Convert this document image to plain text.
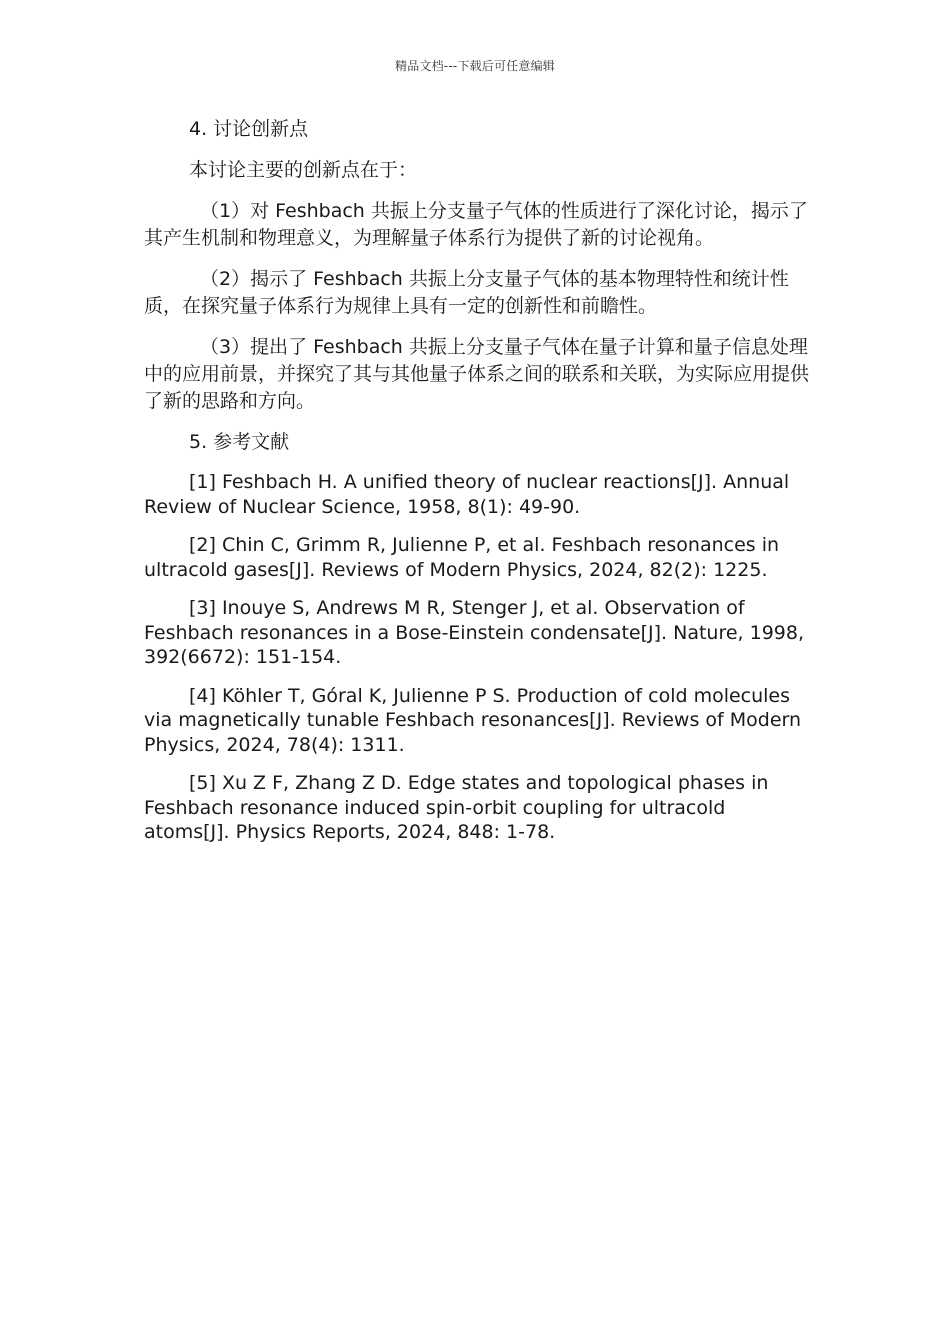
精品文档---下载后可任意编辑

4. 讨论创新点

本讨论主要的创新点在于：

（1）对 Feshbach 共振上分支量子气体的性质进行了深化讨论，揭示了其产生机制和物理意义，为理解量子体系行为提供了新的讨论视角。

（2）揭示了 Feshbach 共振上分支量子气体的基本物理特性和统计性质，在探究量子体系行为规律上具有一定的创新性和前瞻性。

（3）提出了 Feshbach 共振上分支量子气体在量子计算和量子信息处理中的应用前景，并探究了其与其他量子体系之间的联系和关联，为实际应用提供了新的思路和方向。

5. 参考文献

[1] Feshbach H. A unified theory of nuclear reactions[J]. Annual Review of Nuclear Science, 1958, 8(1): 49-90.

[2] Chin C, Grimm R, Julienne P, et al. Feshbach resonances in ultracold gases[J]. Reviews of Modern Physics, 2024, 82(2): 1225.

[3] Inouye S, Andrews M R, Stenger J, et al. Observation of Feshbach resonances in a Bose-Einstein condensate[J]. Nature, 1998, 392(6672): 151-154.

[4] Köhler T, Góral K, Julienne P S. Production of cold molecules via magnetically tunable Feshbach resonances[J]. Reviews of Modern Physics, 2024, 78(4): 1311.

[5] Xu Z F, Zhang Z D. Edge states and topological phases in Feshbach resonance induced spin-orbit coupling for ultracold atoms[J]. Physics Reports, 2024, 848: 1-78.
